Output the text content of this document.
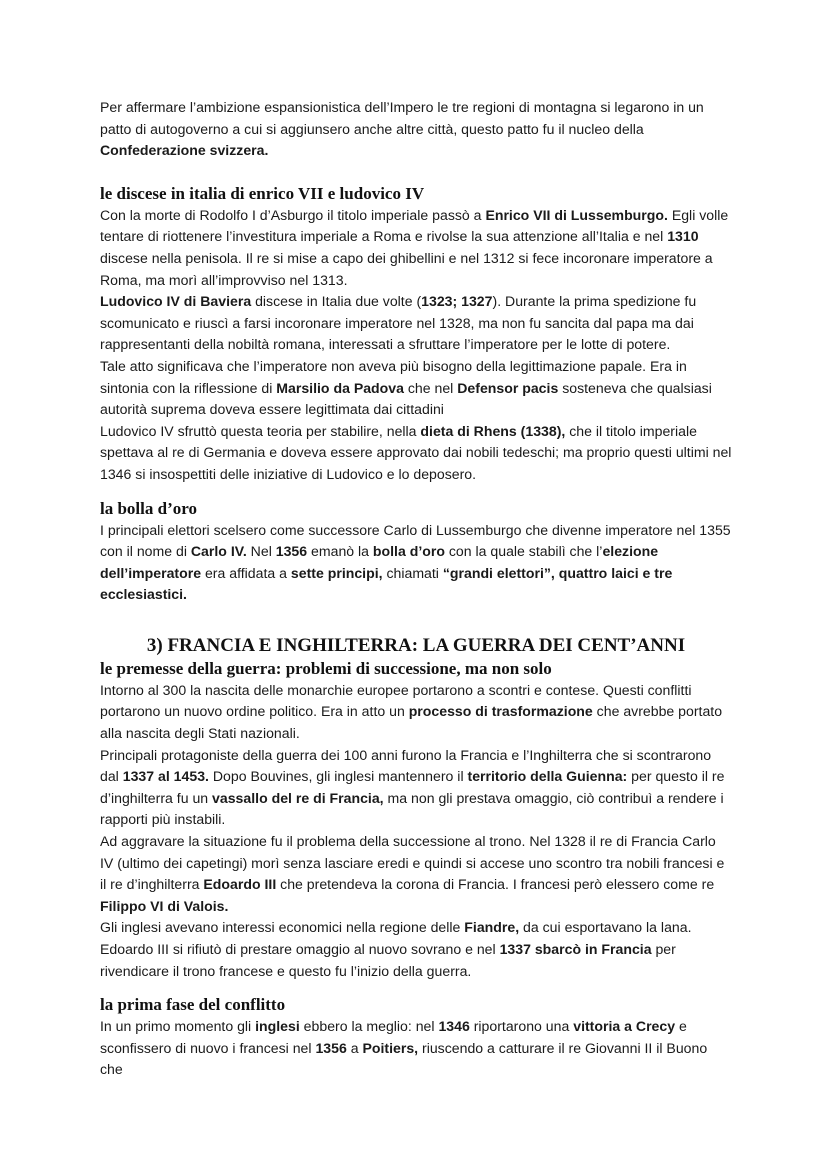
Per affermare l’ambizione espansionistica dell’Impero le tre regioni di montagna si legarono in un patto di autogoverno a cui si aggiunsero anche altre città, questo patto fu il nucleo della Confederazione svizzera.

le discese in italia di enrico VII e ludovico IV

Con la morte di Rodolfo I d’Asburgo il titolo imperiale passò a Enrico VII di Lussemburgo. Egli volle tentare di riottenere l’investitura imperiale a Roma e rivolse la sua attenzione all’Italia e nel 1310 discese nella penisola. Il re si mise a capo dei ghibellini e nel 1312 si fece incoronare imperatore a Roma, ma morì all’improvviso nel 1313.

Ludovico IV di Baviera discese in Italia due volte (1323; 1327). Durante la prima spedizione fu scomunicato e riuscì a farsi incoronare imperatore nel 1328, ma non fu sancita dal papa ma dai rappresentanti della nobiltà romana, interessati a sfruttare l’imperatore per le lotte di potere.

Tale atto significava che l’imperatore non aveva più bisogno della legittimazione papale. Era in sintonia con la riflessione di Marsilio da Padova che nel Defensor pacis sosteneva che qualsiasi autorità suprema doveva essere legittimata dai cittadini

Ludovico IV sfruttò questa teoria per stabilire, nella dieta di Rhens (1338), che il titolo imperiale spettava al re di Germania e doveva essere approvato dai nobili tedeschi; ma proprio questi ultimi nel 1346 si insospettiti delle iniziative di Ludovico e lo deposero.

la bolla d’oro

I principali elettori scelsero come successore Carlo di Lussemburgo che divenne imperatore nel 1355 con il nome di Carlo IV. Nel 1356 emanò la bolla d’oro con la quale stabilì che l’elezione dell’imperatore era affidata a sette principi, chiamati “grandi elettori”, quattro laici e tre ecclesiastici.

3) FRANCIA E INGHILTERRA: LA GUERRA DEI CENT’ANNI
le premesse della guerra: problemi di successione, ma non solo

Intorno al 300 la nascita delle monarchie europee portarono a scontri e contese. Questi conflitti portarono un nuovo ordine politico. Era in atto un processo di trasformazione che avrebbe portato alla nascita degli Stati nazionali.

Principali protagoniste della guerra dei 100 anni furono la Francia e l’Inghilterra che si scontrarono dal 1337 al 1453. Dopo Bouvines, gli inglesi mantennero il territorio della Guienna: per questo il re d’inghilterra fu un vassallo del re di Francia, ma non gli prestava omaggio, ciò contribuì a rendere i rapporti più instabili.

Ad aggravare la situazione fu il problema della successione al trono. Nel 1328 il re di Francia Carlo IV (ultimo dei capetingi) morì senza lasciare eredi e quindi si accese uno scontro tra nobili francesi e il re d’inghilterra Edoardo III che pretendeva la corona di Francia. I francesi però elessero come re Filippo VI di Valois.

Gli inglesi avevano interessi economici nella regione delle Fiandre, da cui esportavano la lana. Edoardo III si rifiutò di prestare omaggio al nuovo sovrano e nel 1337 sbarcò in Francia per rivendicare il trono francese e questo fu l’inizio della guerra.

la prima fase del conflitto

In un primo momento gli inglesi ebbero la meglio: nel 1346 riportarono una vittoria a Crecy e sconfissero di nuovo i francesi nel 1356 a Poitiers, riuscendo a catturare il re Giovanni II il Buono che
